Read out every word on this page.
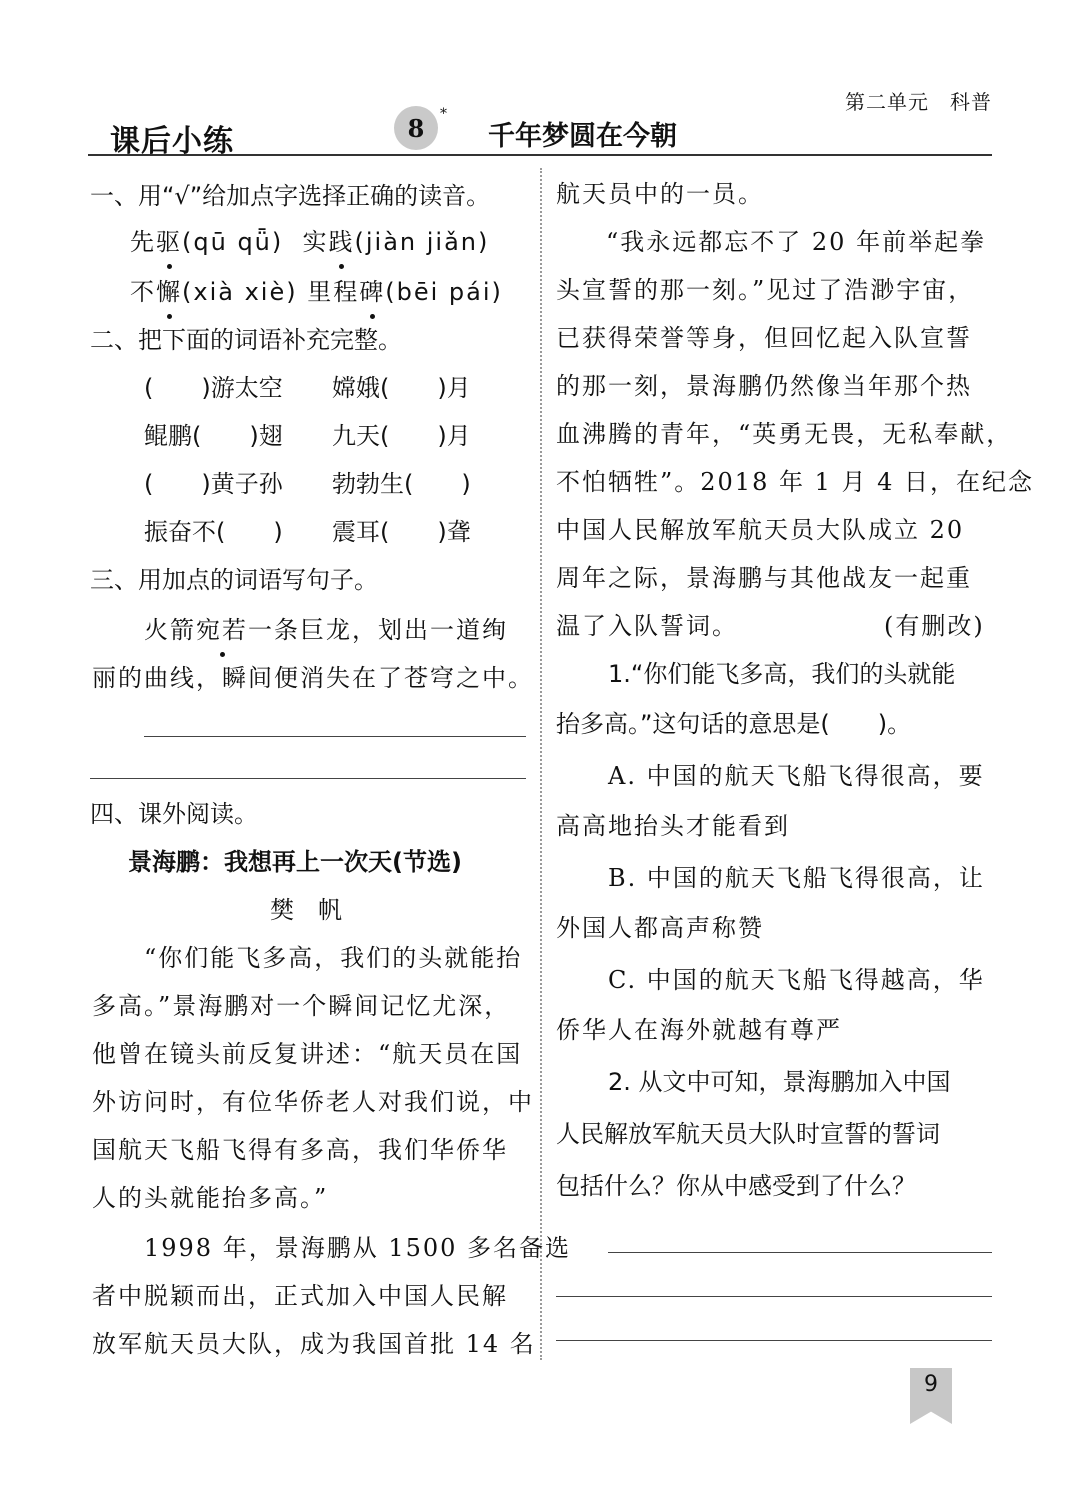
第二单元　科普
课后小练	8	*
千年梦圆在今朝
一、用“√”给加点字选择正确的读音。
先驱(qū qǖ) 实践(jiàn jiǎn)
不懈(xià xiè) 里程碑(bēi pái)
二、把下面的词语补充完整。
(　　)游太空 嫦娥(　　)月
鲲鹏(　　)翅 九天(　　)月
(　　)黄子孙 勃勃生(　　)
振奋不(　　) 震耳(　　)聋
三、用加点的词语写句子。
火箭宛若一条巨龙，划出一道绚
丽的曲线，瞬间便消失在了苍穹之中。
四、课外阅读。
景海鹏：我想再上一次天(节选)
樊　帆
“你们能飞多高，我们的头就能抬
多高。”景海鹏对一个瞬间记忆尤深，
他曾在镜头前反复讲述：“航天员在国
外访问时，有位华侨老人对我们说，中
国航天飞船飞得有多高，我们华侨华
人的头就能抬多高。”
1998 年，景海鹏从 1500 多名备选
者中脱颖而出，正式加入中国人民解
放军航天员大队，成为我国首批 14 名
航天员中的一员。
“我永远都忘不了 20 年前举起拳
头宣誓的那一刻。”见过了浩渺宇宙，
已获得荣誉等身，但回忆起入队宣誓
的那一刻，景海鹏仍然像当年那个热
血沸腾的青年，“英勇无畏，无私奉献，
不怕牺牲”。2018 年 1 月 4 日，在纪念
中国人民解放军航天员大队成立 20
周年之际，景海鹏与其他战友一起重
温了入队誓词。	(有删改)
1.“你们能飞多高，我们的头就能
抬多高。”这句话的意思是(　　)。
A. 中国的航天飞船飞得很高，要
高高地抬头才能看到
B. 中国的航天飞船飞得很高，让
外国人都高声称赞
C. 中国的航天飞船飞得越高，华
侨华人在海外就越有尊严
2. 从文中可知，景海鹏加入中国
人民解放军航天员大队时宣誓的誓词
包括什么？你从中感受到了什么？
9
